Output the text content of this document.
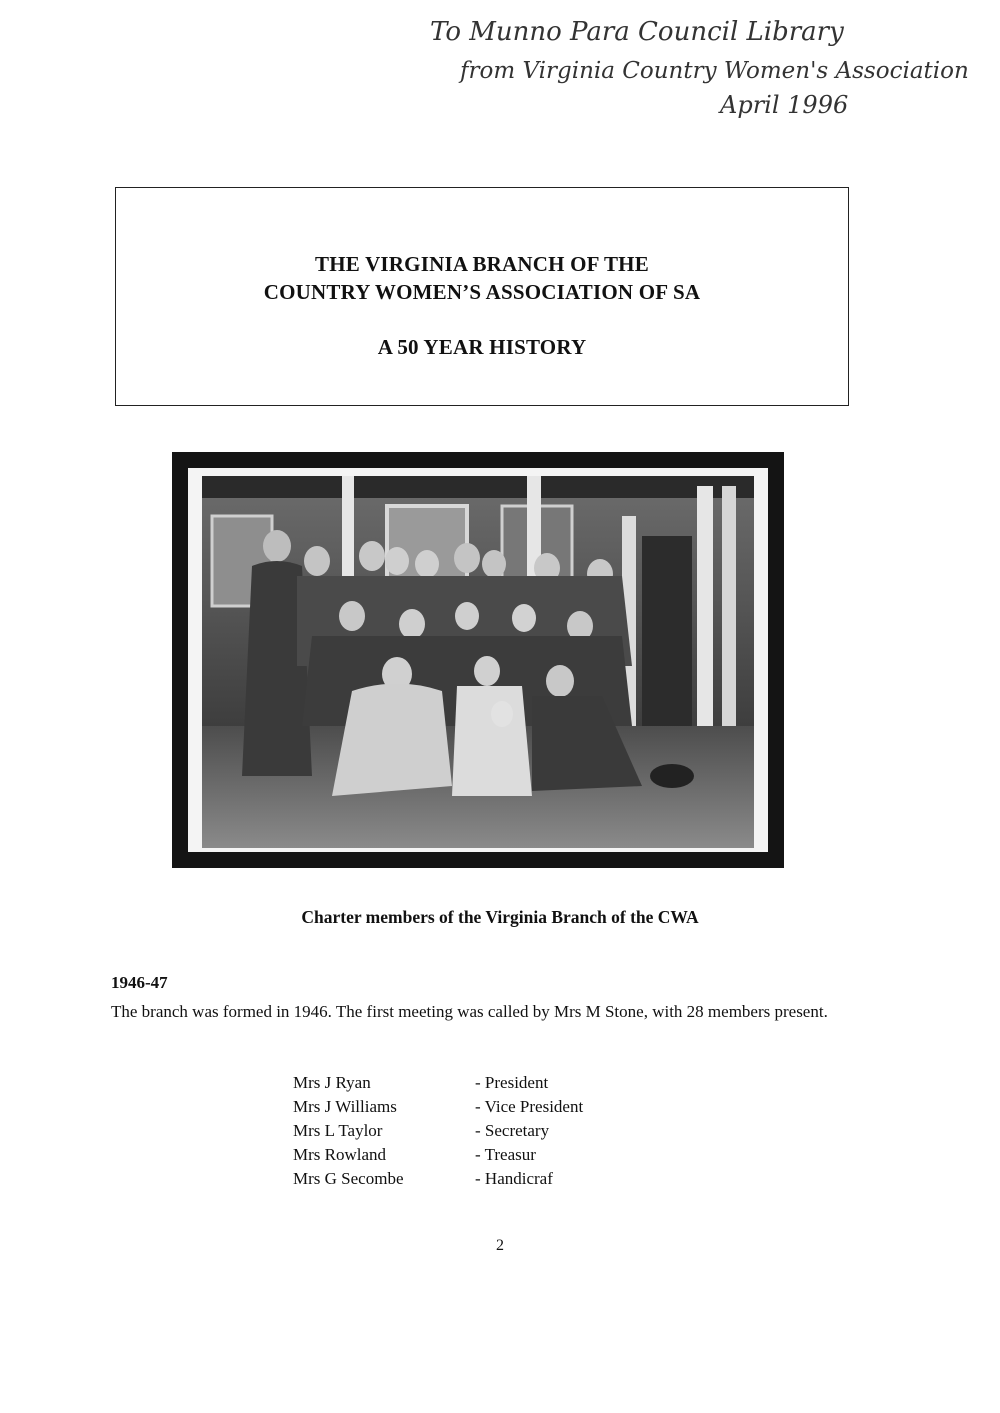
To Munno Para Council Library
from Virginia Country Women's Association
April 1996
THE VIRGINIA BRANCH OF THE
COUNTRY WOMEN’S ASSOCIATION OF SA
A 50 YEAR HISTORY
Charter members of the Virginia Branch of the CWA
1946-47
The branch was formed in 1946. The first meeting was called by Mrs M Stone, with 28 members present.
Mrs J Ryan	- President
Mrs J Williams	- Vice President
Mrs L Taylor	- Secretary
Mrs Rowland	- Treasur
Mrs G Secombe	- Handicraf
2
